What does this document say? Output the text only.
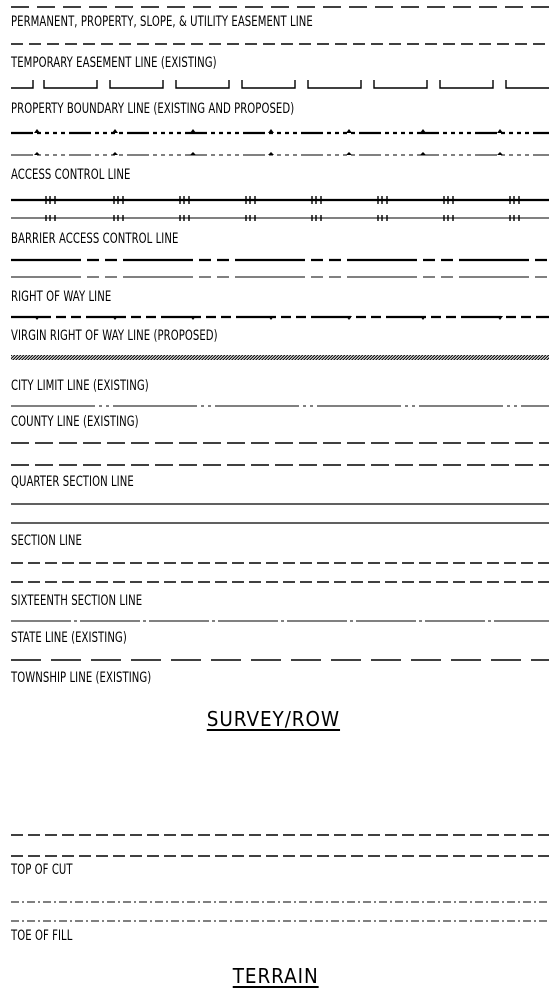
PERMANENT, PROPERTY, SLOPE, & UTILITY EASEMENT LINE
TEMPORARY EASEMENT LINE (EXISTING)
PROPERTY BOUNDARY LINE (EXISTING AND PROPOSED)
ACCESS CONTROL LINE
BARRIER ACCESS CONTROL LINE
RIGHT OF WAY LINE
VIRGIN RIGHT OF WAY LINE (PROPOSED)
CITY LIMIT LINE (EXISTING)
COUNTY LINE (EXISTING)
QUARTER SECTION LINE
SECTION LINE
SIXTEENTH SECTION LINE
STATE LINE (EXISTING)
TOWNSHIP LINE (EXISTING)
SURVEY/ROW
TOP OF CUT
TOE OF FILL
TERRAIN
